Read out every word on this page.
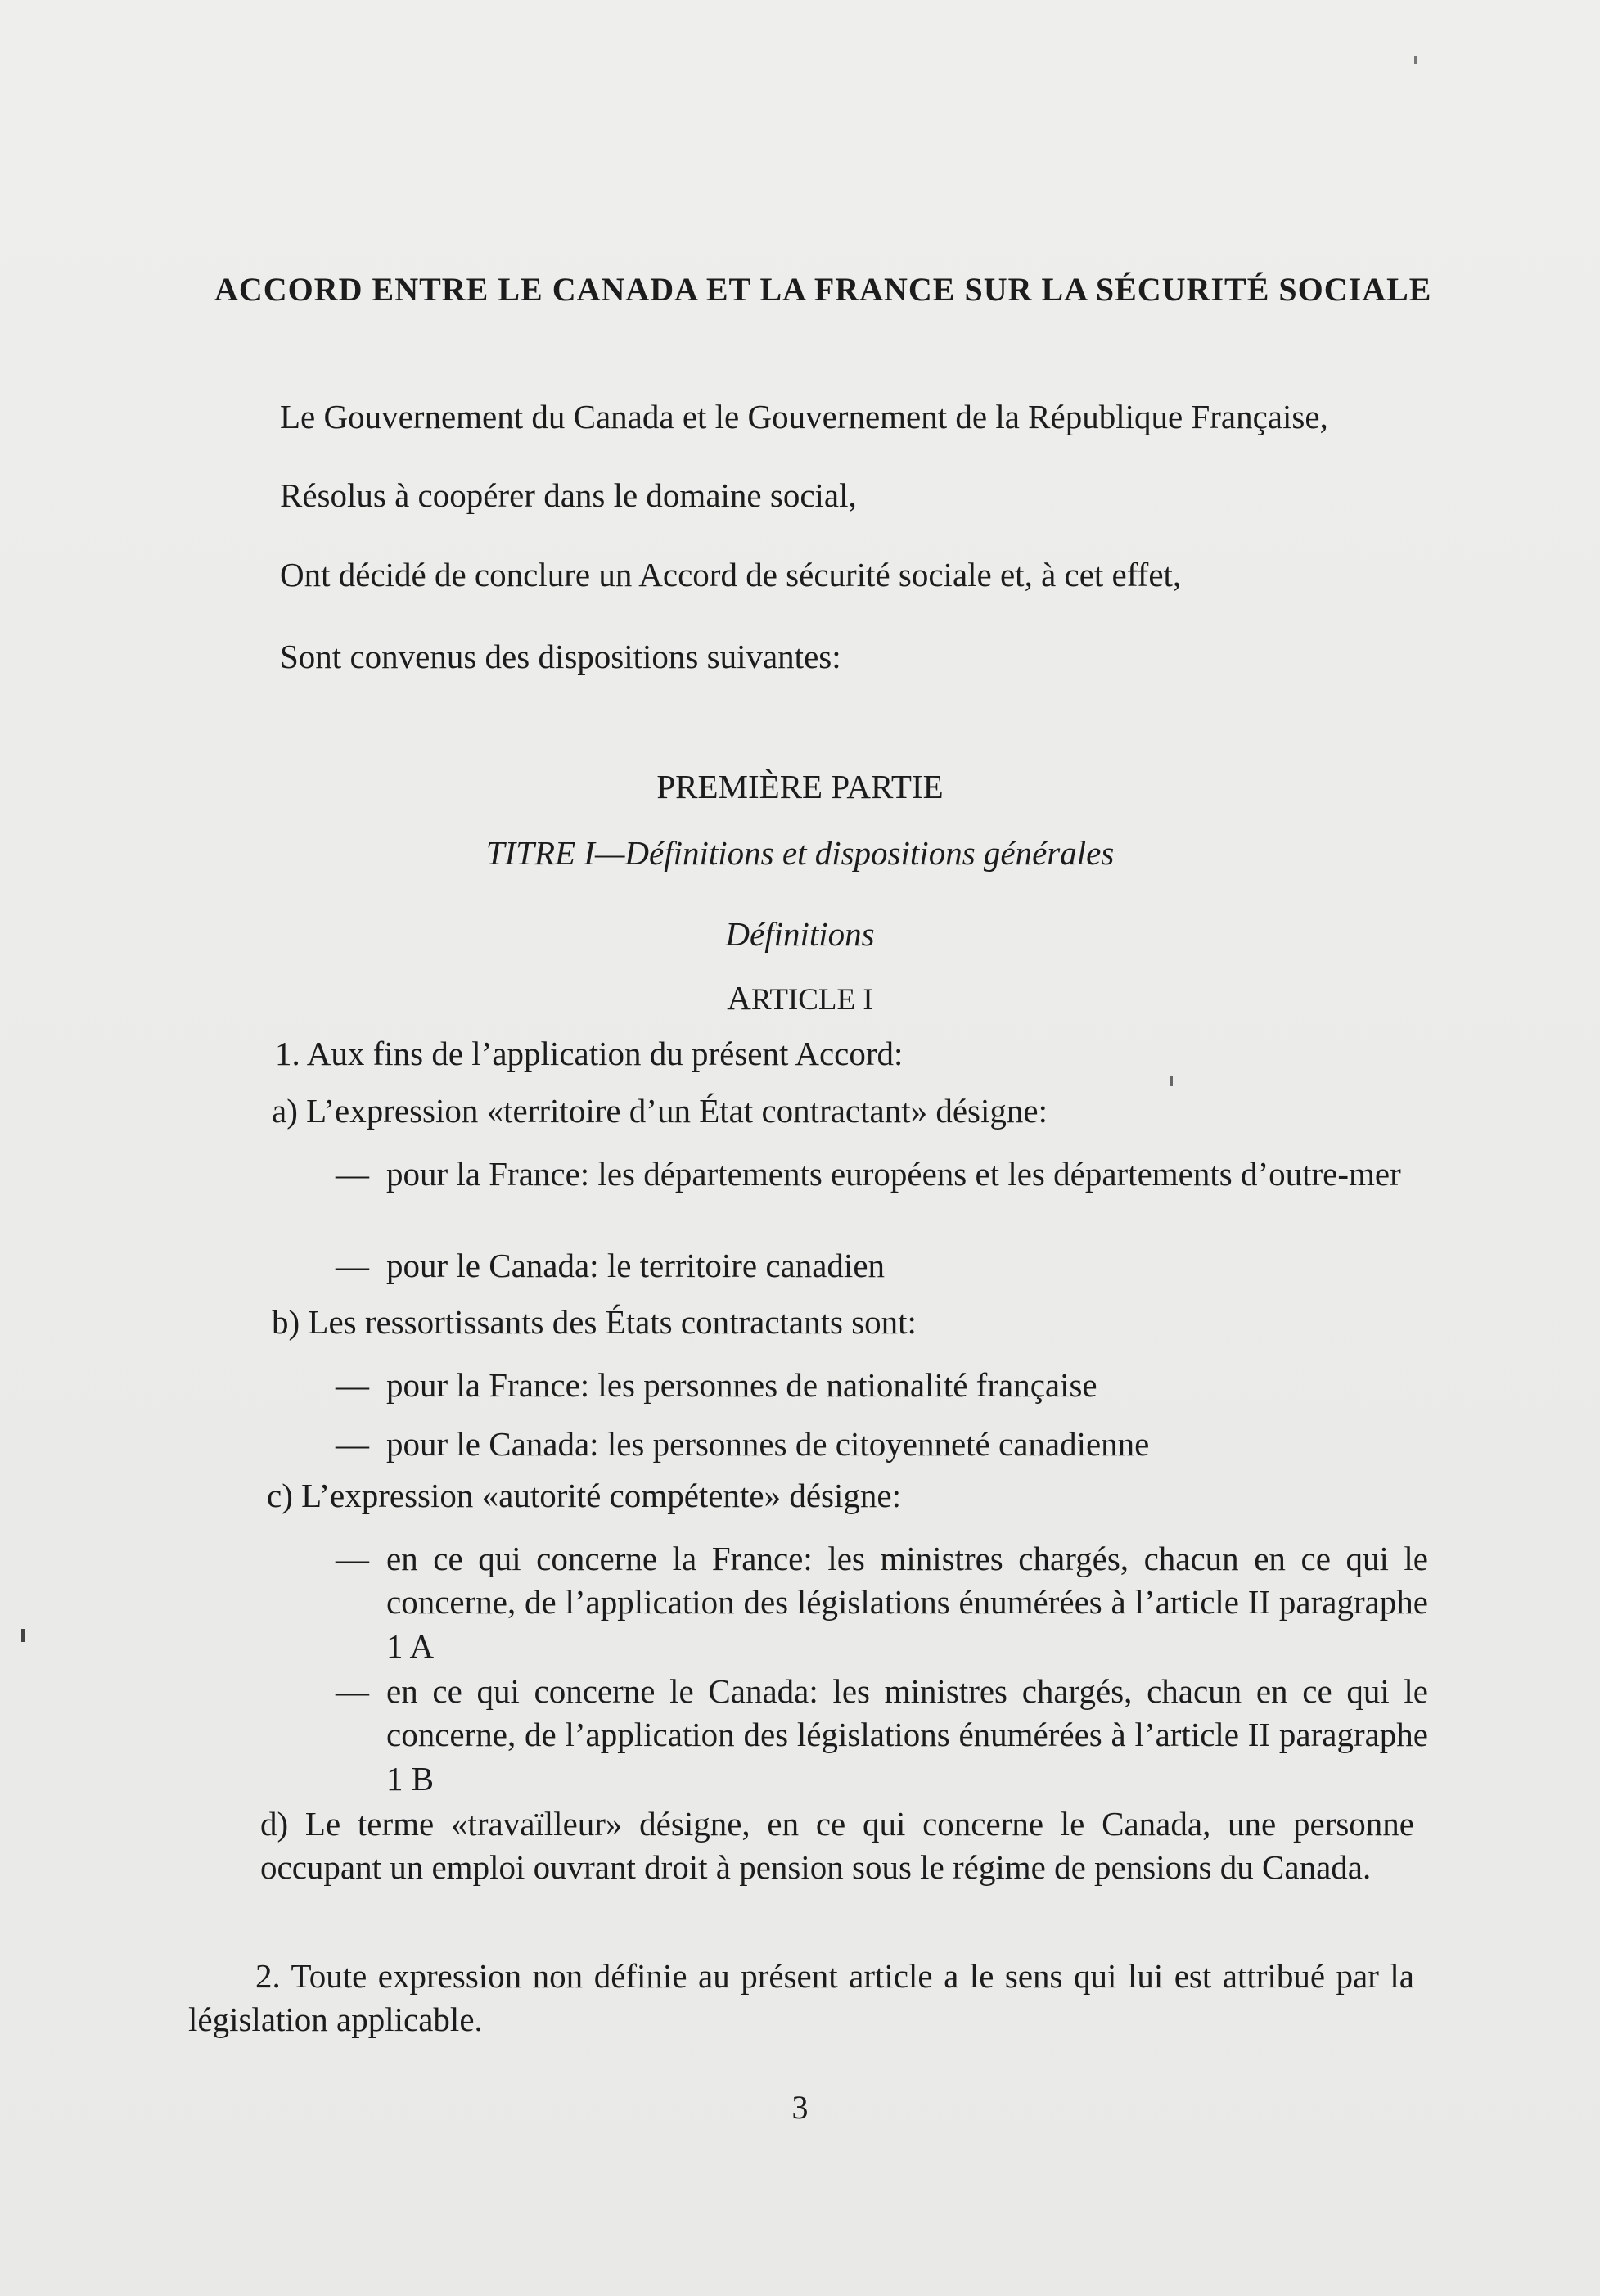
ACCORD ENTRE LE CANADA ET LA FRANCE SUR LA SÉCURITÉ SOCIALE

Le Gouvernement du Canada et le Gouvernement de la République Française,

Résolus à coopérer dans le domaine social,

Ont décidé de conclure un Accord de sécurité sociale et, à cet effet,

Sont convenus des dispositions suivantes:

PREMIÈRE PARTIE

TITRE I—Définitions et dispositions générales

Définitions

ARTICLE I

1. Aux fins de l’application du présent Accord:

a) L’expression «territoire d’un État contractant» désigne:

— pour la France: les départements européens et les départements d’outre-mer
— pour le Canada: le territoire canadien

b) Les ressortissants des États contractants sont:

— pour la France: les personnes de nationalité française
— pour le Canada: les personnes de citoyenneté canadienne

c) L’expression «autorité compétente» désigne:

— en ce qui concerne la France: les ministres chargés, chacun en ce qui le concerne, de l’application des législations énumérées à l’article II paragraphe 1 A
— en ce qui concerne le Canada: les ministres chargés, chacun en ce qui le concerne, de l’application des législations énumérées à l’article II paragraphe 1 B

d) Le terme «travaïlleur» désigne, en ce qui concerne le Canada, une personne occupant un emploi ouvrant droit à pension sous le régime de pensions du Canada.

2. Toute expression non définie au présent article a le sens qui lui est attribué par la législation applicable.

3
